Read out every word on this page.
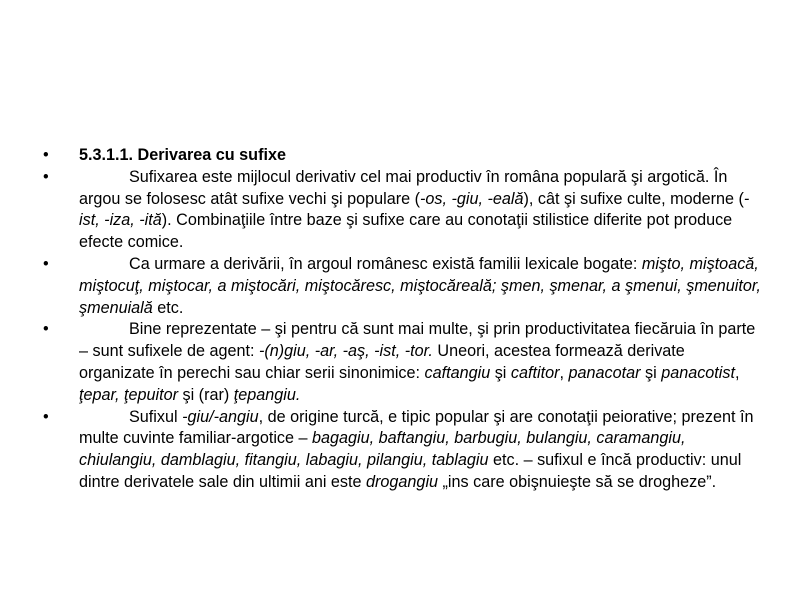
•	5.3.1.1. Derivarea cu sufixe
•	Sufixarea este mijlocul derivativ cel mai productiv în româna populară şi argotică. În argou se folosesc atât sufixe vechi şi populare (-os, -giu, -eală), cât şi sufixe culte, moderne (-ist, -iza, -ită). Combinaţiile între baze şi sufixe care au conotaţii stilistice diferite pot produce efecte comice.
•	Ca urmare a derivării, în argoul românesc există familii lexicale bogate: mişto, miştoacă, miştocuţ, miştocar, a miştocări, miştocăresc, miştocăreală; şmen, şmenar, a şmenui, şmenuitor, şmenuială etc.
•	Bine reprezentate – şi pentru că sunt mai multe, şi prin productivitatea fiecăruia în parte – sunt sufixele de agent: -(n)giu, -ar, -aş, -ist, -tor. Uneori, acestea formează derivate organizate în perechi sau chiar serii sinonimice: caftangiu şi caftitor, panacotar şi panacotist, ţepar, ţepuitor şi (rar) ţepangiu.
•	Sufixul -giu/-angiu, de origine turcă, e tipic popular şi are conotaţii peiorative; prezent în multe cuvinte familiar-argotice – bagagiu, baftangiu, barbugiu, bulangiu, caramangiu, chiulangiu, damblagiu, fitangiu, labagiu, pilangiu, tablagiu etc. – sufixul e încă productiv: unul dintre derivatele sale din ultimii ani este drogangiu „ins care obişnuieşte să se drogheze”.
